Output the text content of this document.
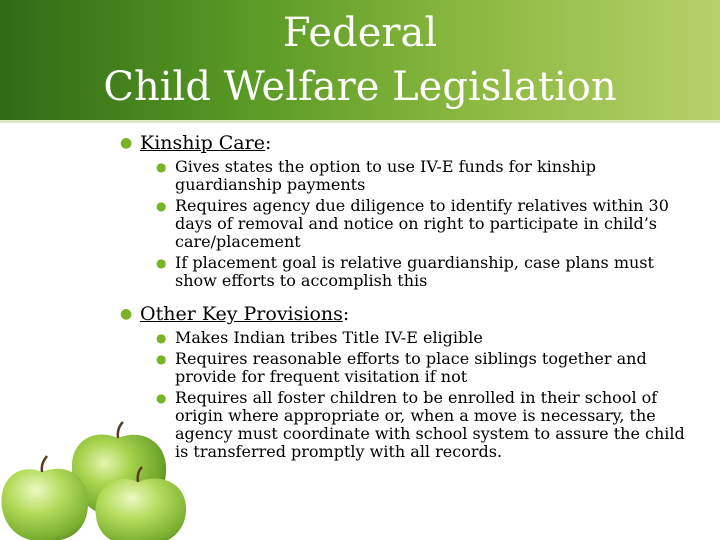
Federal
Child Welfare Legislation
● Kinship Care:
● Gives states the option to use IV-E funds for kinship guardianship payments
● Requires agency due diligence to identify relatives within 30 days of removal and notice on right to participate in child’s care/placement
● If placement goal is relative guardianship, case plans must show efforts to accomplish this
● Other Key Provisions:
● Makes Indian tribes Title IV-E eligible
● Requires reasonable efforts to place siblings together and provide for frequent visitation if not
● Requires all foster children to be enrolled in their school of origin where appropriate or, when a move is necessary, the agency must coordinate with school system to assure the child is transferred promptly with all records.
